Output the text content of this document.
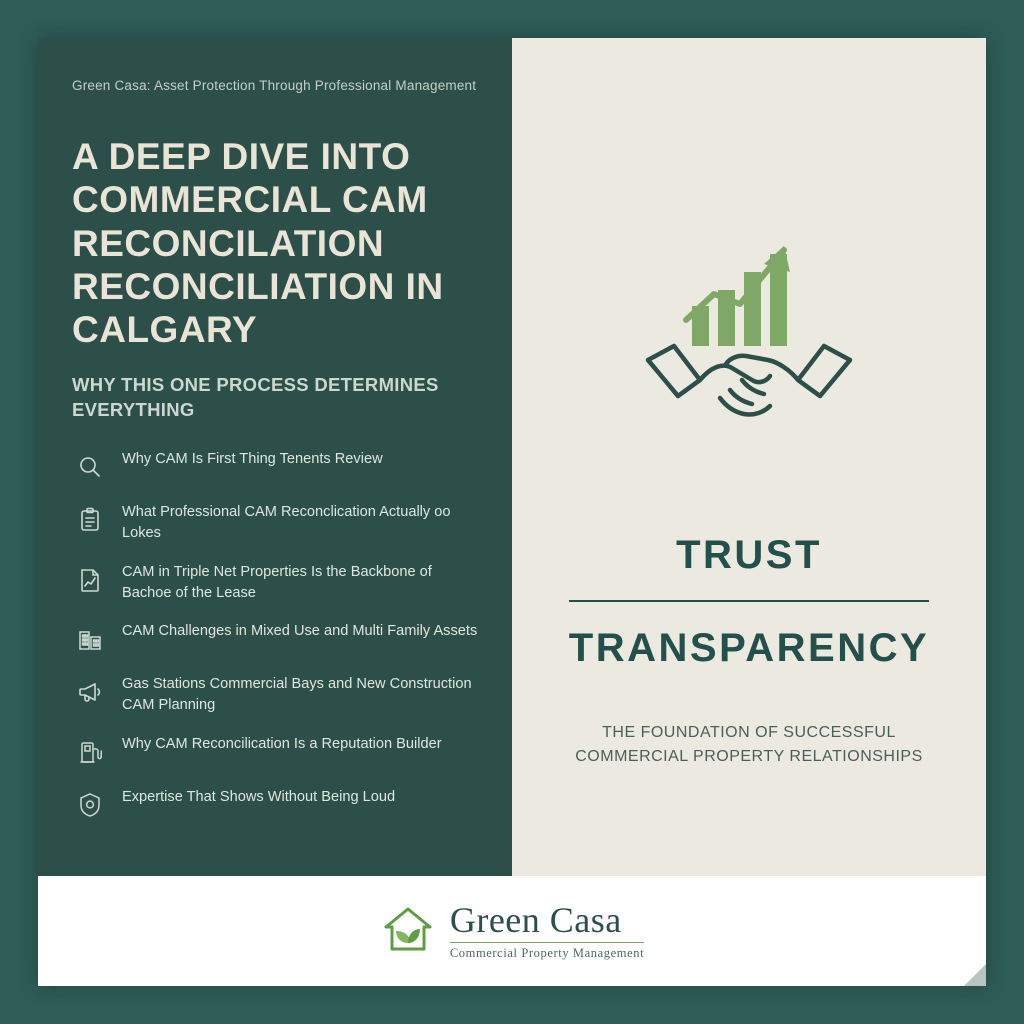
Green Casa: Asset Protection Through Professional Management

A DEEP DIVE INTO COMMERCIAL CAM RECONCILATION RECONCILIATION IN CALGARY
WHY THIS ONE PROCESS DETERMINES EVERYTHING
Why CAM Is First Thing Tenents Review
What Professional CAM Reconclication Actually oo Lokes
CAM in Triple Net Properties Is the Backbone of Bachoe of the Lease
CAM Challenges in Mixed Use and Multi Family Assets
Gas Stations Commercial Bays and New Construction CAM Planning
Why CAM Reconcilication Is a Reputation Builder
Expertise That Shows Without Being Loud
TRUST
TRANSPARENCY

THE FOUNDATION OF SUCCESSFUL COMMERCIAL PROPERTY RELATIONSHIPS

Green Casa
Commercial Property Management
